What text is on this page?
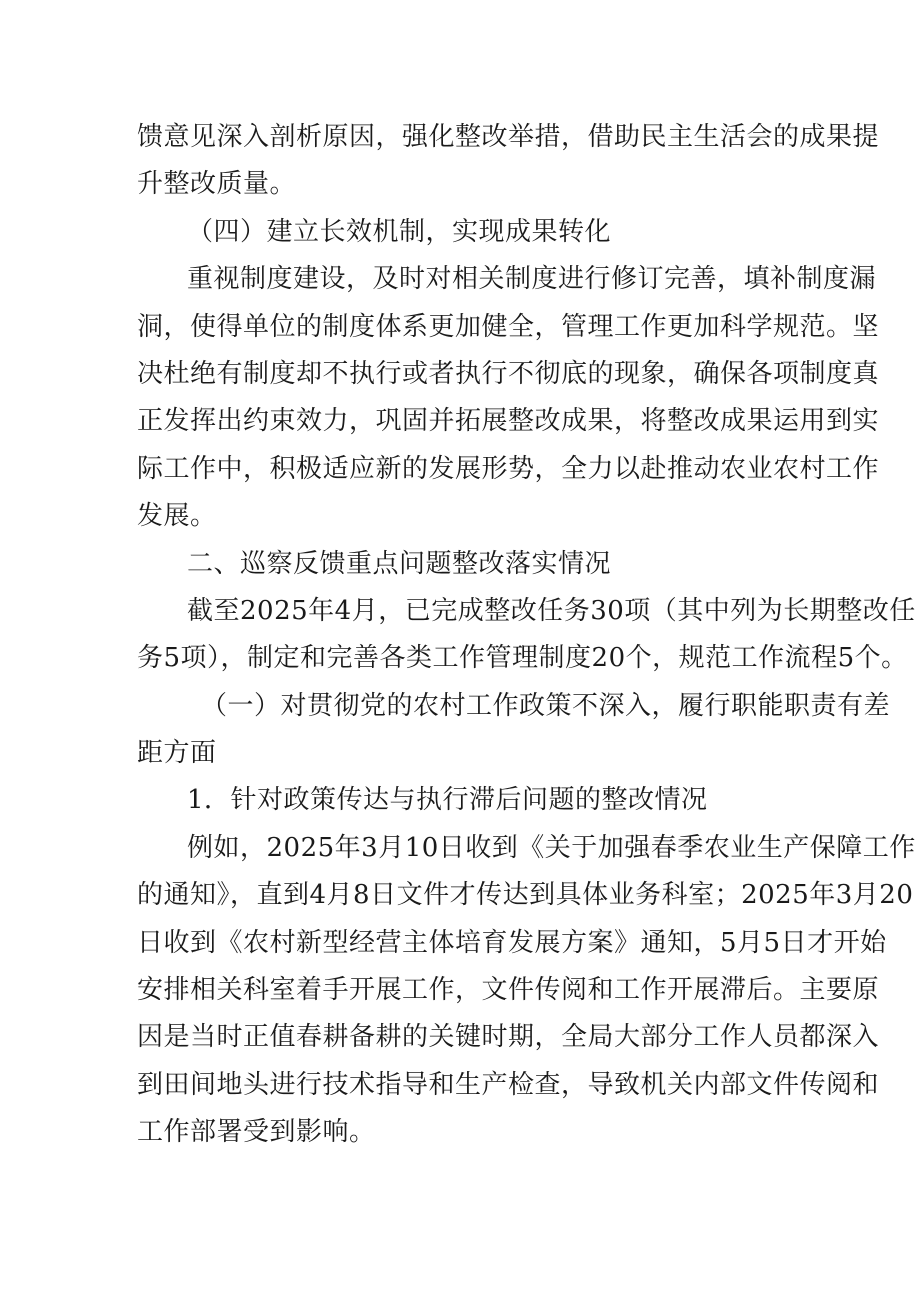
馈意见深入剖析原因，强化整改举措，借助民主生活会的成果提
升整改质量。
（四）建立长效机制，实现成果转化
重视制度建设，及时对相关制度进行修订完善，填补制度漏
洞，使得单位的制度体系更加健全，管理工作更加科学规范。坚
决杜绝有制度却不执行或者执行不彻底的现象，确保各项制度真
正发挥出约束效力，巩固并拓展整改成果，将整改成果运用到实
际工作中，积极适应新的发展形势，全力以赴推动农业农村工作
发展。
二、巡察反馈重点问题整改落实情况
截至2025年4月，已完成整改任务30项（其中列为长期整改任
务5项），制定和完善各类工作管理制度20个，规范工作流程5个。
（一）对贯彻党的农村工作政策不深入，履行职能职责有差
距方面
1．针对政策传达与执行滞后问题的整改情况
例如，2025年3月10日收到《关于加强春季农业生产保障工作
的通知》，直到4月8日文件才传达到具体业务科室；2025年3月20
日收到《农村新型经营主体培育发展方案》通知，5月5日才开始
安排相关科室着手开展工作，文件传阅和工作开展滞后。主要原
因是当时正值春耕备耕的关键时期，全局大部分工作人员都深入
到田间地头进行技术指导和生产检查，导致机关内部文件传阅和
工作部署受到影响。
